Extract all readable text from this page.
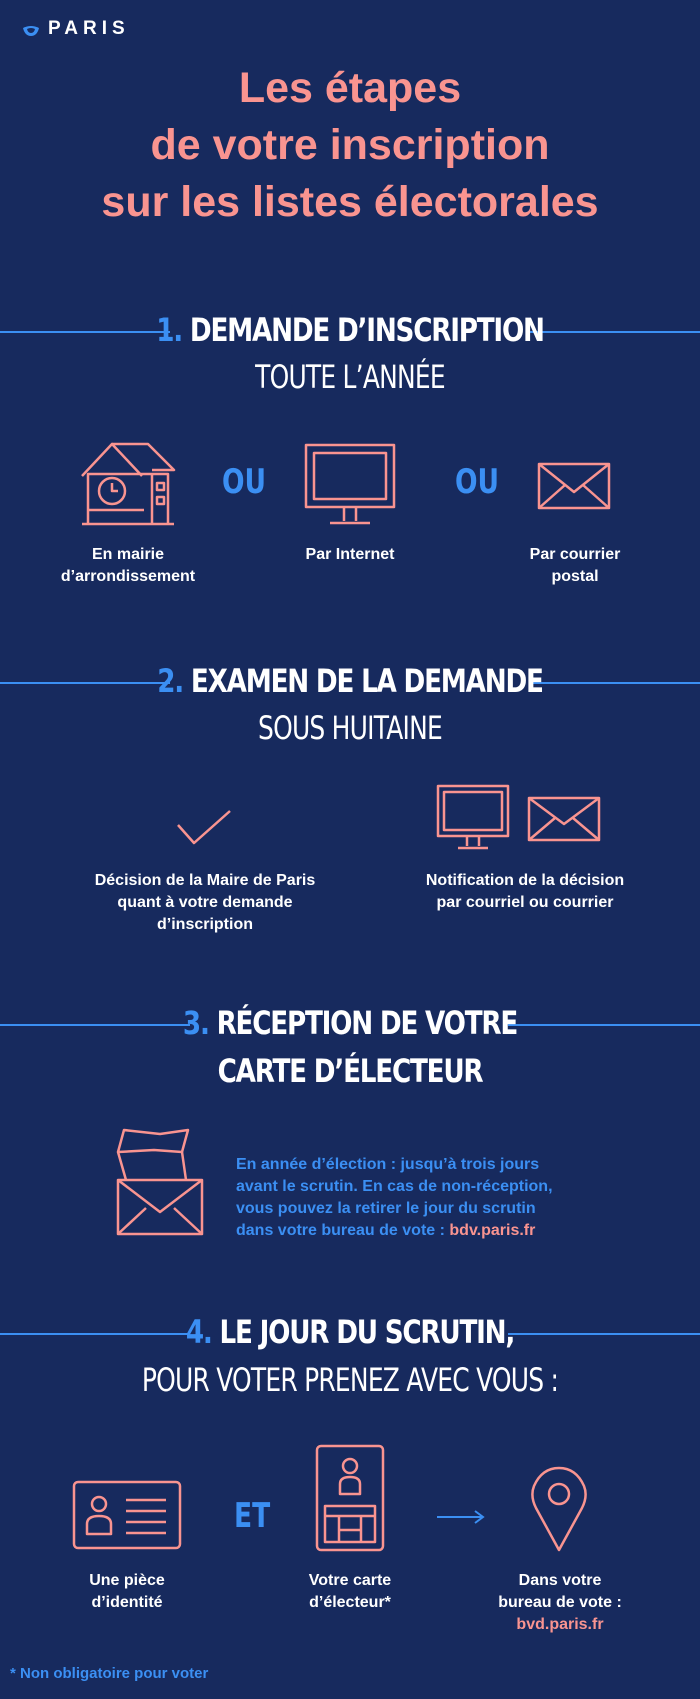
PARIS
Les étapes
de votre inscription
sur les listes électorales
1. DEMANDE D’INSCRIPTION
TOUTE L’ANNÉE
OU	OU
En mairie
d’arrondissement
Par Internet	Par courrier
postal
2. EXAMEN DE LA DEMANDE
SOUS HUITAINE
Décision de la Maire de Paris
quant à votre demande
d’inscription
Notification de la décision
par courriel ou courrier
3. RÉCEPTION DE VOTRE
CARTE D’ÉLECTEUR
En année d’élection : jusqu’à trois jours
avant le scrutin. En cas de non-réception,
vous pouvez la retirer le jour du scrutin
dans votre bureau de vote : bdv.paris.fr
4. LE JOUR DU SCRUTIN,
POUR VOTER PRENEZ AVEC VOUS :
ET
Une pièce
d’identité
Votre carte
d’électeur*
Dans votre
bureau de vote :
bvd.paris.fr
* Non obligatoire pour voter
